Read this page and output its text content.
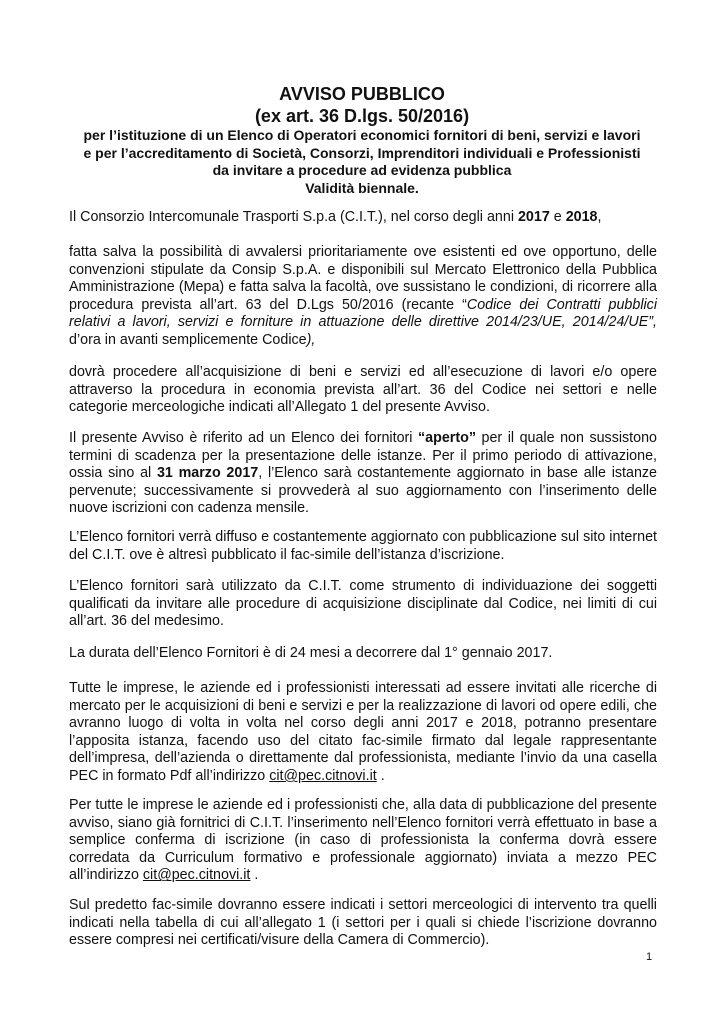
AVVISO PUBBLICO
(ex art. 36 D.lgs. 50/2016)
per l’istituzione di un Elenco di Operatori economici fornitori di beni, servizi e lavori
e per l’accreditamento di Società, Consorzi, Imprenditori individuali e Professionisti
da invitare a procedure ad evidenza pubblica
Validità biennale.

Il Consorzio Intercomunale Trasporti S.p.a (C.I.T.), nel corso degli anni 2017 e 2018,

fatta salva la possibilità di avvalersi prioritariamente ove esistenti ed ove opportuno, delle convenzioni stipulate da Consip S.p.A. e disponibili sul Mercato Elettronico della Pubblica Amministrazione (Mepa) e fatta salva la facoltà, ove sussistano le condizioni, di ricorrere alla procedura prevista all’art. 63 del D.Lgs 50/2016 (recante “Codice dei Contratti pubblici relativi a lavori, servizi e forniture in attuazione delle direttive 2014/23/UE, 2014/24/UE”, d’ora in avanti semplicemente Codice),

dovrà procedere all’acquisizione di beni e servizi ed all’esecuzione di lavori e/o opere attraverso la procedura in economia prevista all’art. 36 del Codice nei settori e nelle categorie merceologiche indicati all’Allegato 1 del presente Avviso.

Il presente Avviso è riferito ad un Elenco dei fornitori “aperto” per il quale non sussistono termini di scadenza per la presentazione delle istanze. Per il primo periodo di attivazione, ossia sino al 31 marzo 2017, l’Elenco sarà costantemente aggiornato in base alle istanze pervenute; successivamente si provvederà al suo aggiornamento con l’inserimento delle nuove iscrizioni con cadenza mensile.

L’Elenco fornitori verrà diffuso e costantemente aggiornato con pubblicazione sul sito internet del C.I.T. ove è altresì pubblicato il fac-simile dell’istanza d’iscrizione.

L’Elenco fornitori sarà utilizzato da C.I.T. come strumento di individuazione dei soggetti qualificati da invitare alle procedure di acquisizione disciplinate dal Codice, nei limiti di cui all’art. 36 del medesimo.

La durata dell’Elenco Fornitori è di 24 mesi a decorrere dal 1° gennaio 2017.

Tutte le imprese, le aziende ed i professionisti interessati ad essere invitati alle ricerche di mercato per le acquisizioni di beni e servizi e per la realizzazione di lavori od opere edili, che avranno luogo di volta in volta nel corso degli anni 2017 e 2018, potranno presentare l’apposita istanza, facendo uso del citato fac-simile firmato dal legale rappresentante dell’impresa, dell’azienda o direttamente dal professionista, mediante l’invio da una casella PEC in formato Pdf all’indirizzo cit@pec.citnovi.it .

Per tutte le imprese le aziende ed i professionisti che, alla data di pubblicazione del presente avviso, siano già fornitrici di C.I.T. l’inserimento nell’Elenco fornitori verrà effettuato in base a semplice conferma di iscrizione (in caso di professionista la conferma dovrà essere corredata da Curriculum formativo e professionale aggiornato) inviata a mezzo PEC all’indirizzo cit@pec.citnovi.it .

Sul predetto fac-simile dovranno essere indicati i settori merceologici di intervento tra quelli indicati nella tabella di cui all’allegato 1 (i settori per i quali si chiede l’iscrizione dovranno essere compresi nei certificati/visure della Camera di Commercio).

1
